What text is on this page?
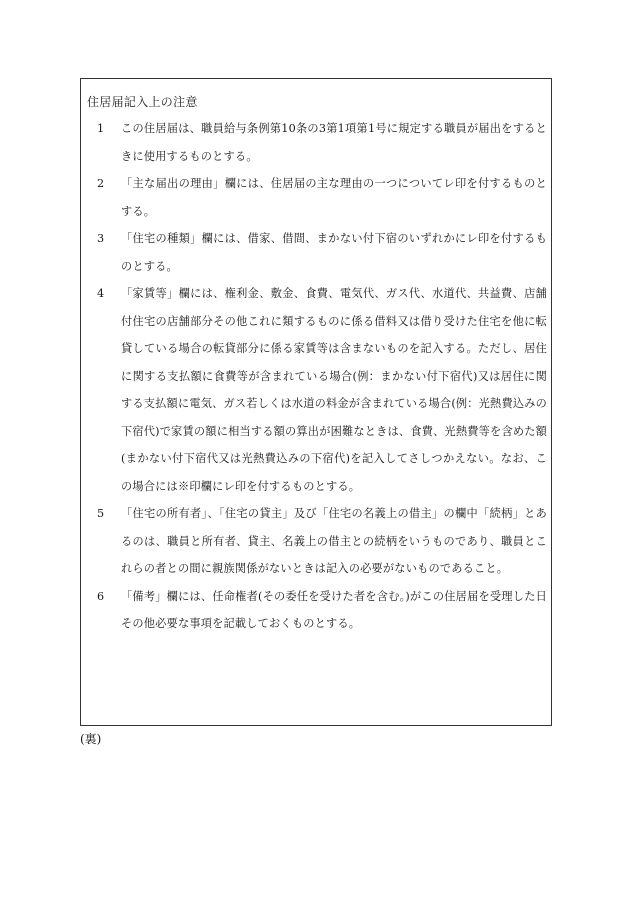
住居届記入上の注意
1	この住居届は、職員給与条例第10条の3第1項第1号に規定する職員が届出をするときに使用するものとする。
2	「主な届出の理由」欄には、住居届の主な理由の一つについてレ印を付するものとする。
3	「住宅の種類」欄には、借家、借間、まかない付下宿のいずれかにレ印を付するものとする。
4	「家賃等」欄には、権利金、敷金、食費、電気代、ガス代、水道代、共益費、店舗付住宅の店舗部分その他これに類するものに係る借料又は借り受けた住宅を他に転貸している場合の転貸部分に係る家賃等は含まないものを記入する。ただし、居住に関する支払額に食費等が含まれている場合(例：まかない付下宿代)又は居住に関する支払額に電気、ガス若しくは水道の料金が含まれている場合(例：光熱費込みの下宿代)で家賃の額に相当する額の算出が困難なときは、食費、光熱費等を含めた額(まかない付下宿代又は光熱費込みの下宿代)を記入してさしつかえない。なお、この場合には※印欄にレ印を付するものとする。
5	「住宅の所有者」、「住宅の貸主」及び「住宅の名義上の借主」の欄中「続柄」とあるのは、職員と所有者、貸主、名義上の借主との続柄をいうものであり、職員とこれらの者との間に親族関係がないときは記入の必要がないものであること。
6	「備考」欄には、任命権者(その委任を受けた者を含む。)がこの住居届を受理した日その他必要な事項を記載しておくものとする。
(裏)
